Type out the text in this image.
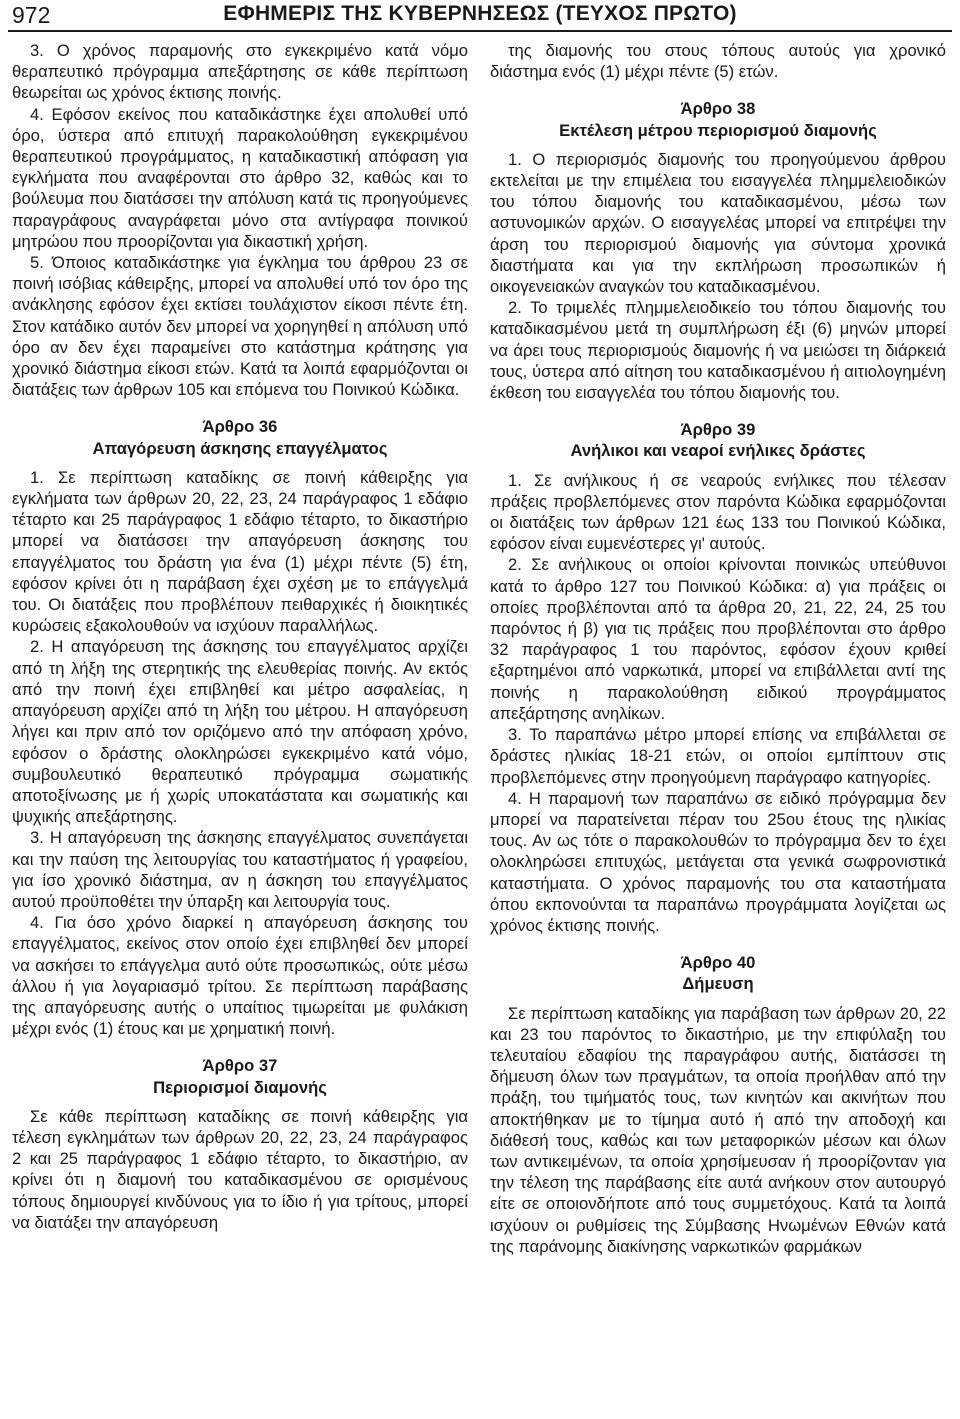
972	ΕΦΗΜΕΡΙΣ ΤΗΣ ΚΥΒΕΡΝΗΣΕΩΣ (ΤΕΥΧΟΣ ΠΡΩΤΟ)

3. Ο χρόνος παραμονής στο εγκεκριμένο κατά νόμο θεραπευτικό πρόγραμμα απεξάρτησης σε κάθε περίπτωση θεωρείται ως χρόνος έκτισης ποινής.

4. Εφόσον εκείνος που καταδικάστηκε έχει απολυθεί υπό όρο, ύστερα από επιτυχή παρακολούθηση εγκεκριμένου θεραπευτικού προγράμματος, η καταδικαστική απόφαση για εγκλήματα που αναφέρονται στο άρθρο 32, καθώς και το βούλευμα που διατάσσει την απόλυση κατά τις προηγούμενες παραγράφους αναγράφεται μόνο στα αντίγραφα ποινικού μητρώου που προορίζονται για δικαστική χρήση.

5. Όποιος καταδικάστηκε για έγκλημα του άρθρου 23 σε ποινή ισόβιας κάθειρξης, μπορεί να απολυθεί υπό τον όρο της ανάκλησης εφόσον έχει εκτίσει τουλάχιστον είκοσι πέντε έτη. Στον κατάδικο αυτόν δεν μπορεί να χορηγηθεί η απόλυση υπό όρο αν δεν έχει παραμείνει στο κατάστημα κράτησης για χρονικό διάστημα είκοσι ετών. Κατά τα λοιπά εφαρμόζονται οι διατάξεις των άρθρων 105 και επόμενα του Ποινικού Κώδικα.

Άρθρο 36

Απαγόρευση άσκησης επαγγέλματος

1. Σε περίπτωση καταδίκης σε ποινή κάθειρξης για εγκλήματα των άρθρων 20, 22, 23, 24 παράγραφος 1 εδάφιο τέταρτο και 25 παράγραφος 1 εδάφιο τέταρτο, το δικαστήριο μπορεί να διατάσσει την απαγόρευση άσκησης του επαγγέλματος του δράστη για ένα (1) μέχρι πέντε (5) έτη, εφόσον κρίνει ότι η παράβαση έχει σχέση με το επάγγελμά του. Οι διατάξεις που προβλέπουν πειθαρχικές ή διοικητικές κυρώσεις εξακολουθούν να ισχύουν παραλλήλως.

2. Η απαγόρευση της άσκησης του επαγγέλματος αρχίζει από τη λήξη της στερητικής της ελευθερίας ποινής. Αν εκτός από την ποινή έχει επιβληθεί και μέτρο ασφαλείας, η απαγόρευση αρχίζει από τη λήξη του μέτρου. Η απαγόρευση λήγει και πριν από τον οριζόμενο από την απόφαση χρόνο, εφόσον ο δράστης ολοκληρώσει εγκεκριμένο κατά νόμο, συμβουλευτικό θεραπευτικό πρόγραμμα σωματικής αποτοξίνωσης με ή χωρίς υποκατάστατα και σωματικής και ψυχικής απεξάρτησης.

3. Η απαγόρευση της άσκησης επαγγέλματος συνεπάγεται και την παύση της λειτουργίας του καταστήματος ή γραφείου, για ίσο χρονικό διάστημα, αν η άσκηση του επαγγέλματος αυτού προϋποθέτει την ύπαρξη και λειτουργία τους.

4. Για όσο χρόνο διαρκεί η απαγόρευση άσκησης του επαγγέλματος, εκείνος στον οποίο έχει επιβληθεί δεν μπορεί να ασκήσει το επάγγελμα αυτό ούτε προσωπικώς, ούτε μέσω άλλου ή για λογαριασμό τρίτου. Σε περίπτωση παράβασης της απαγόρευσης αυτής ο υπαίτιος τιμωρείται με φυλάκιση μέχρι ενός (1) έτους και με χρηματική ποινή.

Άρθρο 37

Περιορισμοί διαμονής

Σε κάθε περίπτωση καταδίκης σε ποινή κάθειρξης για τέλεση εγκλημάτων των άρθρων 20, 22, 23, 24 παράγραφος 2 και 25 παράγραφος 1 εδάφιο τέταρτο, το δικαστήριο, αν κρίνει ότι η διαμονή του καταδικασμένου σε ορισμένους τόπους δημιουργεί κινδύνους για το ίδιο ή για τρίτους, μπορεί να διατάξει την απαγόρευση

της διαμονής του στους τόπους αυτούς για χρονικό διάστημα ενός (1) μέχρι πέντε (5) ετών.

Άρθρο 38

Εκτέλεση μέτρου περιορισμού διαμονής

1. Ο περιορισμός διαμονής του προηγούμενου άρθρου εκτελείται με την επιμέλεια του εισαγγελέα πλημμελειοδικών του τόπου διαμονής του καταδικασμένου, μέσω των αστυνομικών αρχών. Ο εισαγγελέας μπορεί να επιτρέψει την άρση του περιορισμού διαμονής για σύντομα χρονικά διαστήματα και για την εκπλήρωση προσωπικών ή οικογενειακών αναγκών του καταδικασμένου.

2. Το τριμελές πλημμελειοδικείο του τόπου διαμονής του καταδικασμένου μετά τη συμπλήρωση έξι (6) μηνών μπορεί να άρει τους περιορισμούς διαμονής ή να μειώσει τη διάρκειά τους, ύστερα από αίτηση του καταδικασμένου ή αιτιολογημένη έκθεση του εισαγγελέα του τόπου διαμονής του.

Άρθρο 39

Ανήλικοι και νεαροί ενήλικες δράστες

1. Σε ανήλικους ή σε νεαρούς ενήλικες που τέλεσαν πράξεις προβλεπόμενες στον παρόντα Κώδικα εφαρμόζονται οι διατάξεις των άρθρων 121 έως 133 του Ποινικού Κώδικα, εφόσον είναι ευμενέστερες γι' αυτούς.

2. Σε ανήλικους οι οποίοι κρίνονται ποινικώς υπεύθυνοι κατά το άρθρο 127 του Ποινικού Κώδικα: α) για πράξεις οι οποίες προβλέπονται από τα άρθρα 20, 21, 22, 24, 25 του παρόντος ή β) για τις πράξεις που προβλέπονται στο άρθρο 32 παράγραφος 1 του παρόντος, εφόσον έχουν κριθεί εξαρτημένοι από ναρκωτικά, μπορεί να επιβάλλεται αντί της ποινής η παρακολούθηση ειδικού προγράμματος απεξάρτησης ανηλίκων.

3. Το παραπάνω μέτρο μπορεί επίσης να επιβάλλεται σε δράστες ηλικίας 18-21 ετών, οι οποίοι εμπίπτουν στις προβλεπόμενες στην προηγούμενη παράγραφο κατηγορίες.

4. Η παραμονή των παραπάνω σε ειδικό πρόγραμμα δεν μπορεί να παρατείνεται πέραν του 25ου έτους της ηλικίας τους. Αν ως τότε ο παρακολουθών το πρόγραμμα δεν το έχει ολοκληρώσει επιτυχώς, μετάγεται στα γενικά σωφρονιστικά καταστήματα. Ο χρόνος παραμονής του στα καταστήματα όπου εκπονούνται τα παραπάνω προγράμματα λογίζεται ως χρόνος έκτισης ποινής.

Άρθρο 40

Δήμευση

Σε περίπτωση καταδίκης για παράβαση των άρθρων 20, 22 και 23 του παρόντος το δικαστήριο, με την επιφύλαξη του τελευταίου εδαφίου της παραγράφου αυτής, διατάσσει τη δήμευση όλων των πραγμάτων, τα οποία προήλθαν από την πράξη, του τιμήματός τους, των κινητών και ακινήτων που αποκτήθηκαν με το τίμημα αυτό ή από την αποδοχή και διάθεσή τους, καθώς και των μεταφορικών μέσων και όλων των αντικειμένων, τα οποία χρησίμευσαν ή προορίζονταν για την τέλεση της παράβασης είτε αυτά ανήκουν στον αυτουργό είτε σε οποιονδήποτε από τους συμμετόχους. Κατά τα λοιπά ισχύουν οι ρυθμίσεις της Σύμβασης Ηνωμένων Εθνών κατά της παράνομης διακίνησης ναρκωτικών φαρμάκων
